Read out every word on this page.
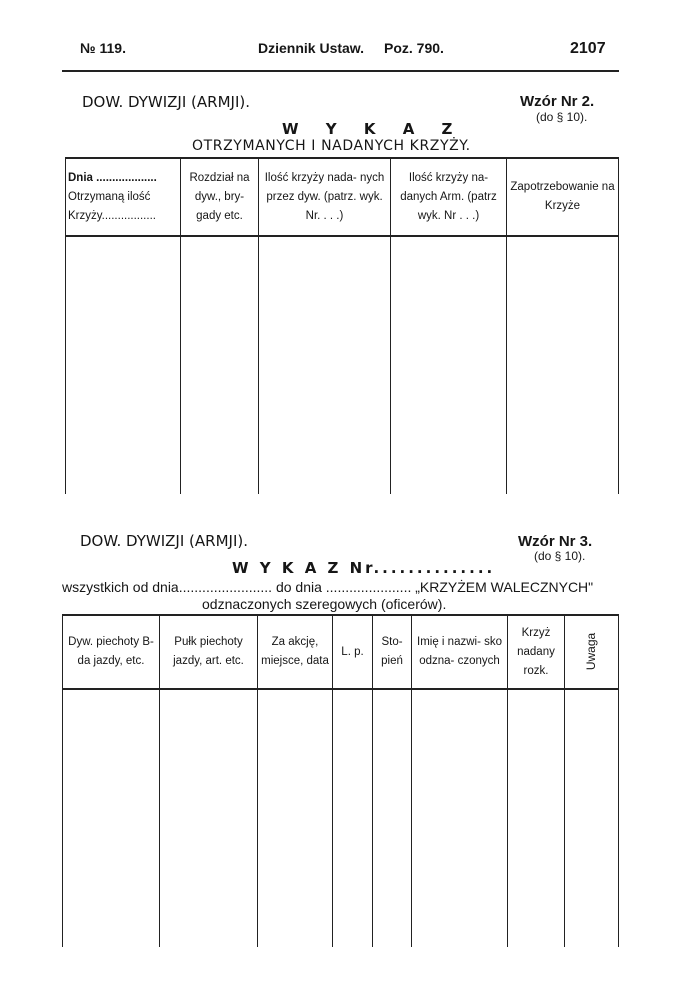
№ 119.	Dziennik Ustaw. Poz. 790.	2107
DOW. DYWIZJI (ARMJI).	Wzór Nr 2.
(do § 10).
W Y K A Z
OTRZYMANYCH I NADANYCH KRZYŻY.
Dnia ...................
Otrzymaną ilość
Krzyży.................	Rozdział na dyw., bry- gady etc.	Ilość krzyży nada- nych przez dyw. (patrz. wyk. Nr. . . .)	Ilość krzyży na- danych Arm. (patrz wyk. Nr . . .)	Zapotrzebowanie na Krzyże

DOW. DYWIZJI (ARMJI).	Wzór Nr 3.
(do § 10).
W Y K A Z Nr..............
wszystkich od dnia........................ do dnia ...................... „KRZYŻEM WALECZNYCH"
odznaczonych szeregowych (oficerów).
Dyw. piechoty B-da jazdy, etc.	Pułk piechoty jazdy, art. etc.	Za akcję, miejsce, data	L. p.	Sto- pień	Imię i nazwi- sko odzna- czonych	Krzyż nadany rozk.	Uwaga
